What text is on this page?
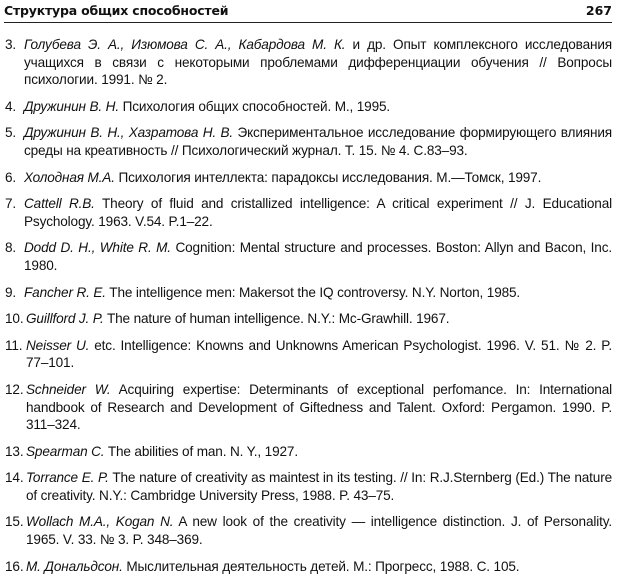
Структура общих способностей	267
3. Голубева Э. А., Изюмова С. А., Кабардова М. К. и др. Опыт комплексного исследования учащихся в связи с некоторыми проблемами дифференциации обучения // Вопросы психологии. 1991. № 2.
4. Дружинин В. Н. Психология общих способностей. М., 1995.
5. Дружинин В. Н., Хазратова Н. В. Экспериментальное исследование формирующего влияния среды на креативность // Психологический журнал. Т. 15. № 4. С.83–93.
6. Холодная М.А. Психология интеллекта: парадоксы исследования. М.—Томск, 1997.
7. Cattell R.B. Theory of fluid and cristallized intelligence: A critical experiment // J. Educational Psychology. 1963. V.54. P.1–22.
8. Dodd D. H., White R. M. Cognition: Mental structure and processes. Boston: Allyn and Bacon, Inc. 1980.
9. Fancher R. E. The intelligence men: Makersot the IQ controversy. N.Y. Norton, 1985.
10. Guillford J. P. The nature of human intelligence. N.Y.: Mc-Grawhill. 1967.
11. Neisser U. etc. Intelligence: Knowns and Unknowns American Psychologist. 1996. V. 51. № 2. P. 77–101.
12. Schneider W. Acquiring expertise: Determinants of exceptional perfomance. In: International handbook of Research and Development of Giftedness and Talent. Oxford: Pergamon. 1990. P. 311–324.
13. Spearman C. The abilities of man. N. Y., 1927.
14. Torrance E. P. The nature of creativity as maintest in its testing. // In: R.J.Sternberg (Ed.) The nature of creativity. N.Y.: Cambridge University Press, 1988. P. 43–75.
15. Wollach M.A., Kogan N. A new look of the creativity — intelligence distinction. J. of Personality. 1965. V. 33. № 3. P. 348–369.
16. М. Дональдсон. Мыслительная деятельность детей. М.: Прогресс, 1988. С. 105.
